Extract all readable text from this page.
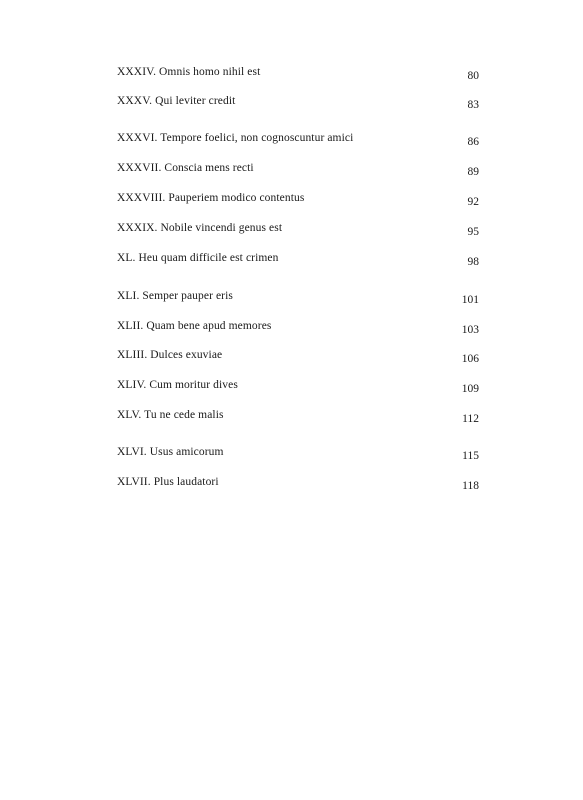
XXXIV. Omnis homo nihil est	80
XXXV. Qui leviter credit	83
XXXVI. Tempore foelici, non cognoscuntur amici	86
XXXVII. Conscia mens recti	89
XXXVIII. Pauperiem modico contentus	92
XXXIX. Nobile vincendi genus est	95
XL. Heu quam difficile est crimen	98
XLI. Semper pauper eris	101
XLII. Quam bene apud memores	103
XLIII. Dulces exuviae	106
XLIV. Cum moritur dives	109
XLV. Tu ne cede malis	112
XLVI. Usus amicorum	115
XLVII. Plus laudatori	118
